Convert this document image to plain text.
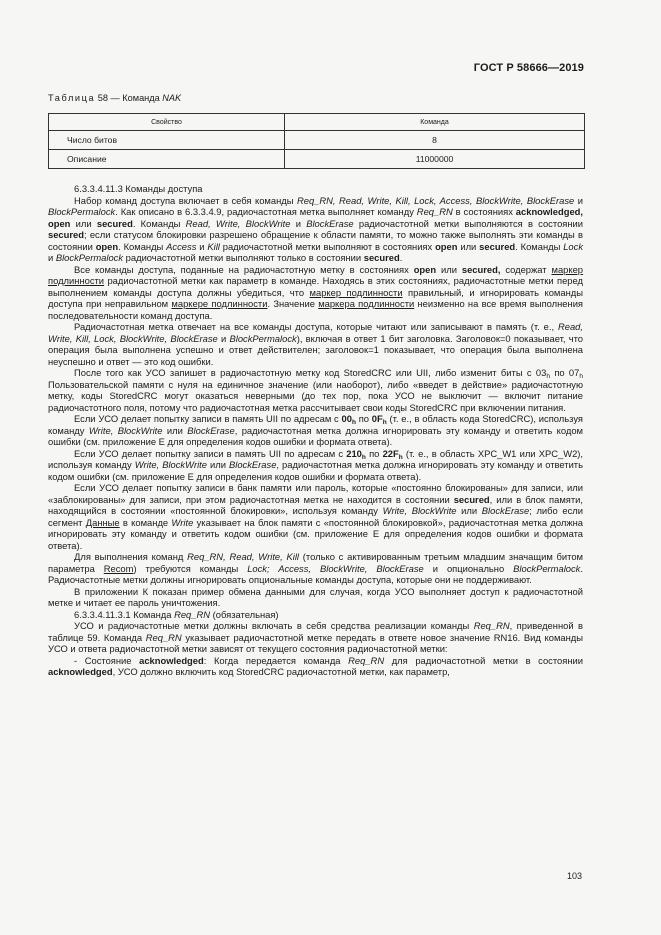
ГОСТ Р 58666—2019
Таблица 58 — Команда NAK
Свойство	Команда
Число битов	8
Описание	11000000

6.3.3.4.11.3 Команды доступа

Набор команд доступа включает в себя команды Req_RN, Read, Write, Kill, Lock, Access, BlockWrite, BlockErase и BlockPermalock. Как описано в 6.3.3.4.9, радиочастотная метка выполняет команду Req_RN в состояниях acknowledged, open или secured. Команды Read, Write, BlockWrite и BlockErase радиочастотной метки выполняются в состоянии secured; если статусом блокировки разрешено обращение к области памяти, то можно также выполнять эти команды в состоянии open. Команды Access и Kill радиочастотной метки выполняют в состояниях open или secured. Команды Lock и BlockPermalock радиочастотной метки выполняют только в состоянии secured.

Все команды доступа, поданные на радиочастотную метку в состояниях open или secured, содержат маркер подлинности радиочастотной метки как параметр в команде. Находясь в этих состояниях, радиочастотные метки перед выполнением команды доступа должны убедиться, что маркер подлинности правильный, и игнорировать команды доступа при неправильном маркере подлинности. Значение маркера подлинности неизменно на все время выполнения последовательности команд доступа.

Радиочастотная метка отвечает на все команды доступа, которые читают или записывают в память (т. е., Read, Write, Kill, Lock, BlockWrite, BlockErase и BlockPermalock), включая в ответ 1 бит заголовка. Заголовок=0 показывает, что операция была выполнена успешно и ответ действителен; заголовок=1 показывает, что операция была выполнена неуспешно и ответ — это код ошибки.

После того как УСО запишет в радиочастотную метку код StoredCRC или UII, либо изменит биты с $03_h$ по $07_h$ Пользовательской памяти с нуля на единичное значение (или наоборот), либо «введет в действие» радиочастотную метку, коды StoredCRC могут оказаться неверными (до тех пор, пока УСО не выключит — включит питание радиочастотного поля, потому что радиочастотная метка рассчитывает свои коды StoredCRC при включении питания.

Если УСО делает попытку записи в память UII по адресам с $00_h$ по $0F_h$ (т. е., в область кода StoredCRC), используя команду Write, BlockWrite или BlockErase, радиочастотная метка должна игнорировать эту команду и ответить кодом ошибки (см. приложение Е для определения кодов ошибки и формата ответа).

Если УСО делает попытку записи в память UII по адресам с $210_h$ по $22F_h$ (т. е., в область XPC_W1 или XPC_W2), используя команду Write, BlockWrite или BlockErase, радиочастотная метка должна игнорировать эту команду и ответить кодом ошибки (см. приложение Е для определения кодов ошибки и формата ответа).

Если УСО делает попытку записи в банк памяти или пароль, которые «постоянно блокированы» для записи, или «заблокированы» для записи, при этом радиочастотная метка не находится в состоянии secured, или в блок памяти, находящийся в состоянии «постоянной блокировки», используя команду Write, BlockWrite или BlockErase; либо если сегмент Данные в команде Write указывает на блок памяти с «постоянной блокировкой», радиочастотная метка должна игнорировать эту команду и ответить кодом ошибки (см. приложение Е для определения кодов ошибки и формата ответа).

Для выполнения команд Req_RN, Read, Write, Kill (только с активированным третьим младшим значащим битом параметра Recom) требуются команды Lock; Access, BlockWrite, BlockErase и опционально BlockPermalock. Радиочастотные метки должны игнорировать опциональные команды доступа, которые они не поддерживают.

В приложении К показан пример обмена данными для случая, когда УСО выполняет доступ к радиочастотной метке и читает ее пароль уничтожения.

6.3.3.4.11.3.1 Команда Req_RN (обязательная)

УСО и радиочастотные метки должны включать в себя средства реализации команды Req_RN, приведенной в таблице 59. Команда Req_RN указывает радиочастотной метке передать в ответе новое значение RN16. Вид команды УСО и ответа радиочастотной метки зависят от текущего состояния радиочастотной метки:

- Состояние acknowledged: Когда передается команда Req_RN для радиочастотной метки в состоянии acknowledged, УСО должно включить код StoredCRC радиочастотной метки, как параметр,

103
